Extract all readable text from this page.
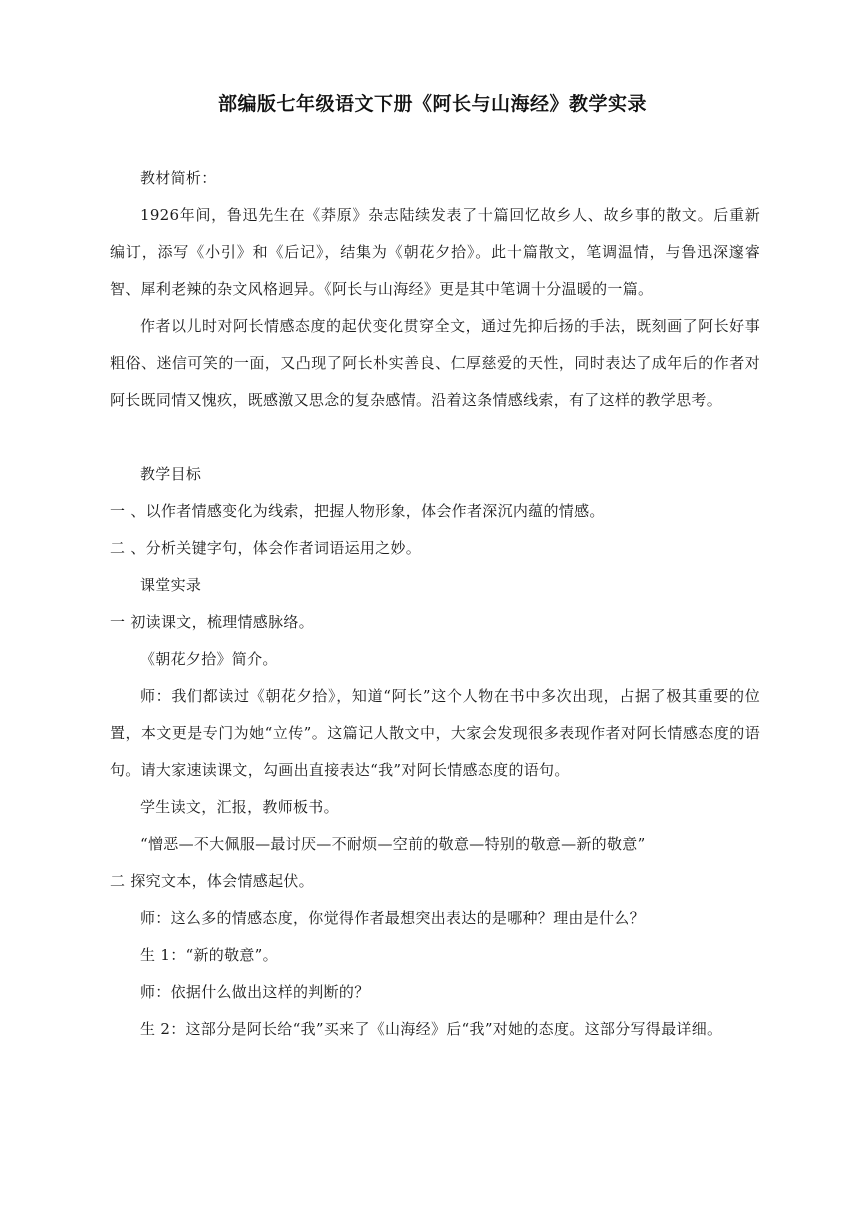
部编版七年级语文下册《阿长与山海经》教学实录

教材简析：

1926年间，鲁迅先生在《莽原》杂志陆续发表了十篇回忆故乡人、故乡事的散文。后重新编订，添写《小引》和《后记》，结集为《朝花夕拾》。此十篇散文，笔调温情，与鲁迅深邃睿智、犀利老辣的杂文风格迥异。《阿长与山海经》更是其中笔调十分温暖的一篇。

作者以儿时对阿长情感态度的起伏变化贯穿全文，通过先抑后扬的手法，既刻画了阿长好事粗俗、迷信可笑的一面，又凸现了阿长朴实善良、仁厚慈爱的天性，同时表达了成年后的作者对阿长既同情又愧疚，既感激又思念的复杂感情。沿着这条情感线索，有了这样的教学思考。

教学目标

一 、以作者情感变化为线索，把握人物形象，体会作者深沉内蕴的情感。

二 、分析关键字句，体会作者词语运用之妙。

课堂实录

一 初读课文，梳理情感脉络。

《朝花夕拾》简介。

师：我们都读过《朝花夕拾》，知道“阿长”这个人物在书中多次出现，占据了极其重要的位置，本文更是专门为她“立传”。这篇记人散文中，大家会发现很多表现作者对阿长情感态度的语句。请大家速读课文，勾画出直接表达“我”对阿长情感态度的语句。

学生读文，汇报，教师板书。

“憎恶—不大佩服—最讨厌—不耐烦—空前的敬意—特别的敬意—新的敬意”

二 探究文本，体会情感起伏。

师：这么多的情感态度，你觉得作者最想突出表达的是哪种？理由是什么？

生 1：“新的敬意”。

师：依据什么做出这样的判断的？

生 2：这部分是阿长给“我”买来了《山海经》后“我”对她的态度。这部分写得最详细。
